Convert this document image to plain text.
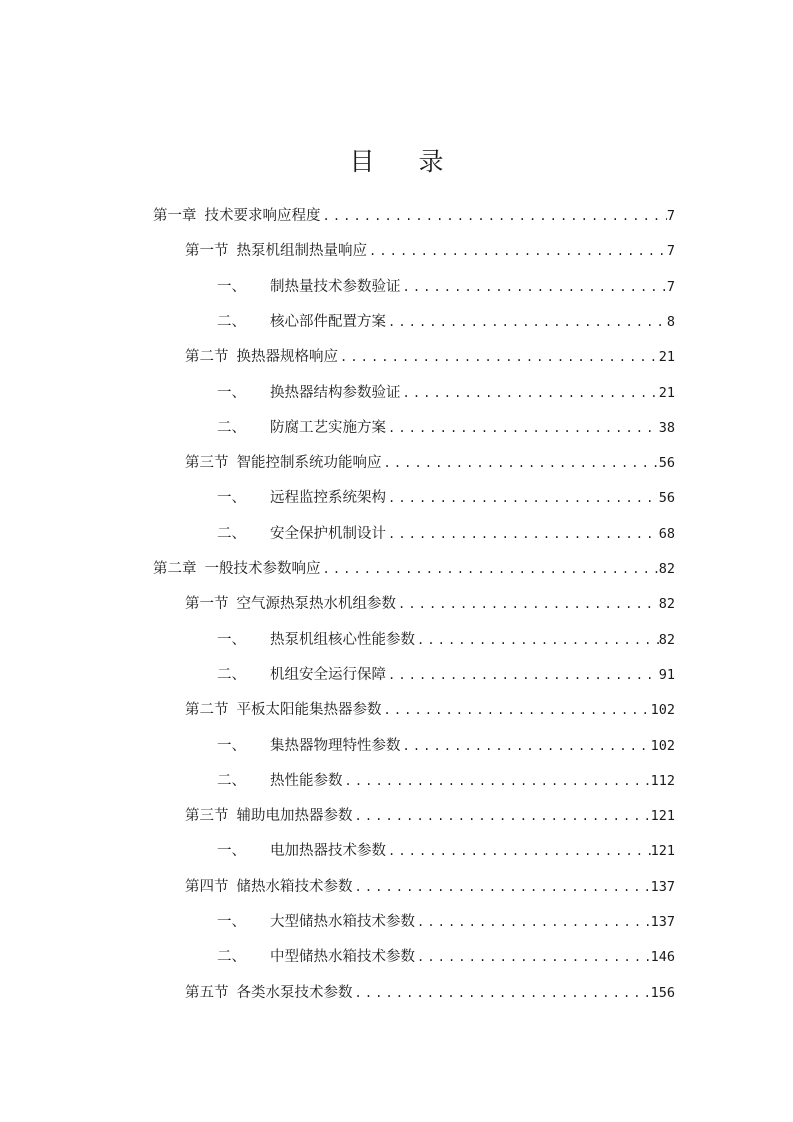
目 录
第一章 技术要求响应程度 .....	7
第一节 热泵机组制热量响应 .....	7
一、	制热量技术参数验证 .....	7
二、	核心部件配置方案 .....	8
第二节 换热器规格响应 .....	21
一、	换热器结构参数验证 .....	21
二、	防腐工艺实施方案 .....	38
第三节 智能控制系统功能响应 .....	56
一、	远程监控系统架构 .....	56
二、	安全保护机制设计 .....	68
第二章 一般技术参数响应 .....	82
第一节 空气源热泵热水机组参数 .....	82
一、	热泵机组核心性能参数 .....	82
二、	机组安全运行保障 .....	91
第二节 平板太阳能集热器参数 .....	102
一、	集热器物理特性参数 .....	102
二、	热性能参数 .....	112
第三节 辅助电加热器参数 .....	121
一、	电加热器技术参数 .....	121
第四节 储热水箱技术参数 .....	137
一、	大型储热水箱技术参数 .....	137
二、	中型储热水箱技术参数 .....	146
第五节 各类水泵技术参数 .....	156
